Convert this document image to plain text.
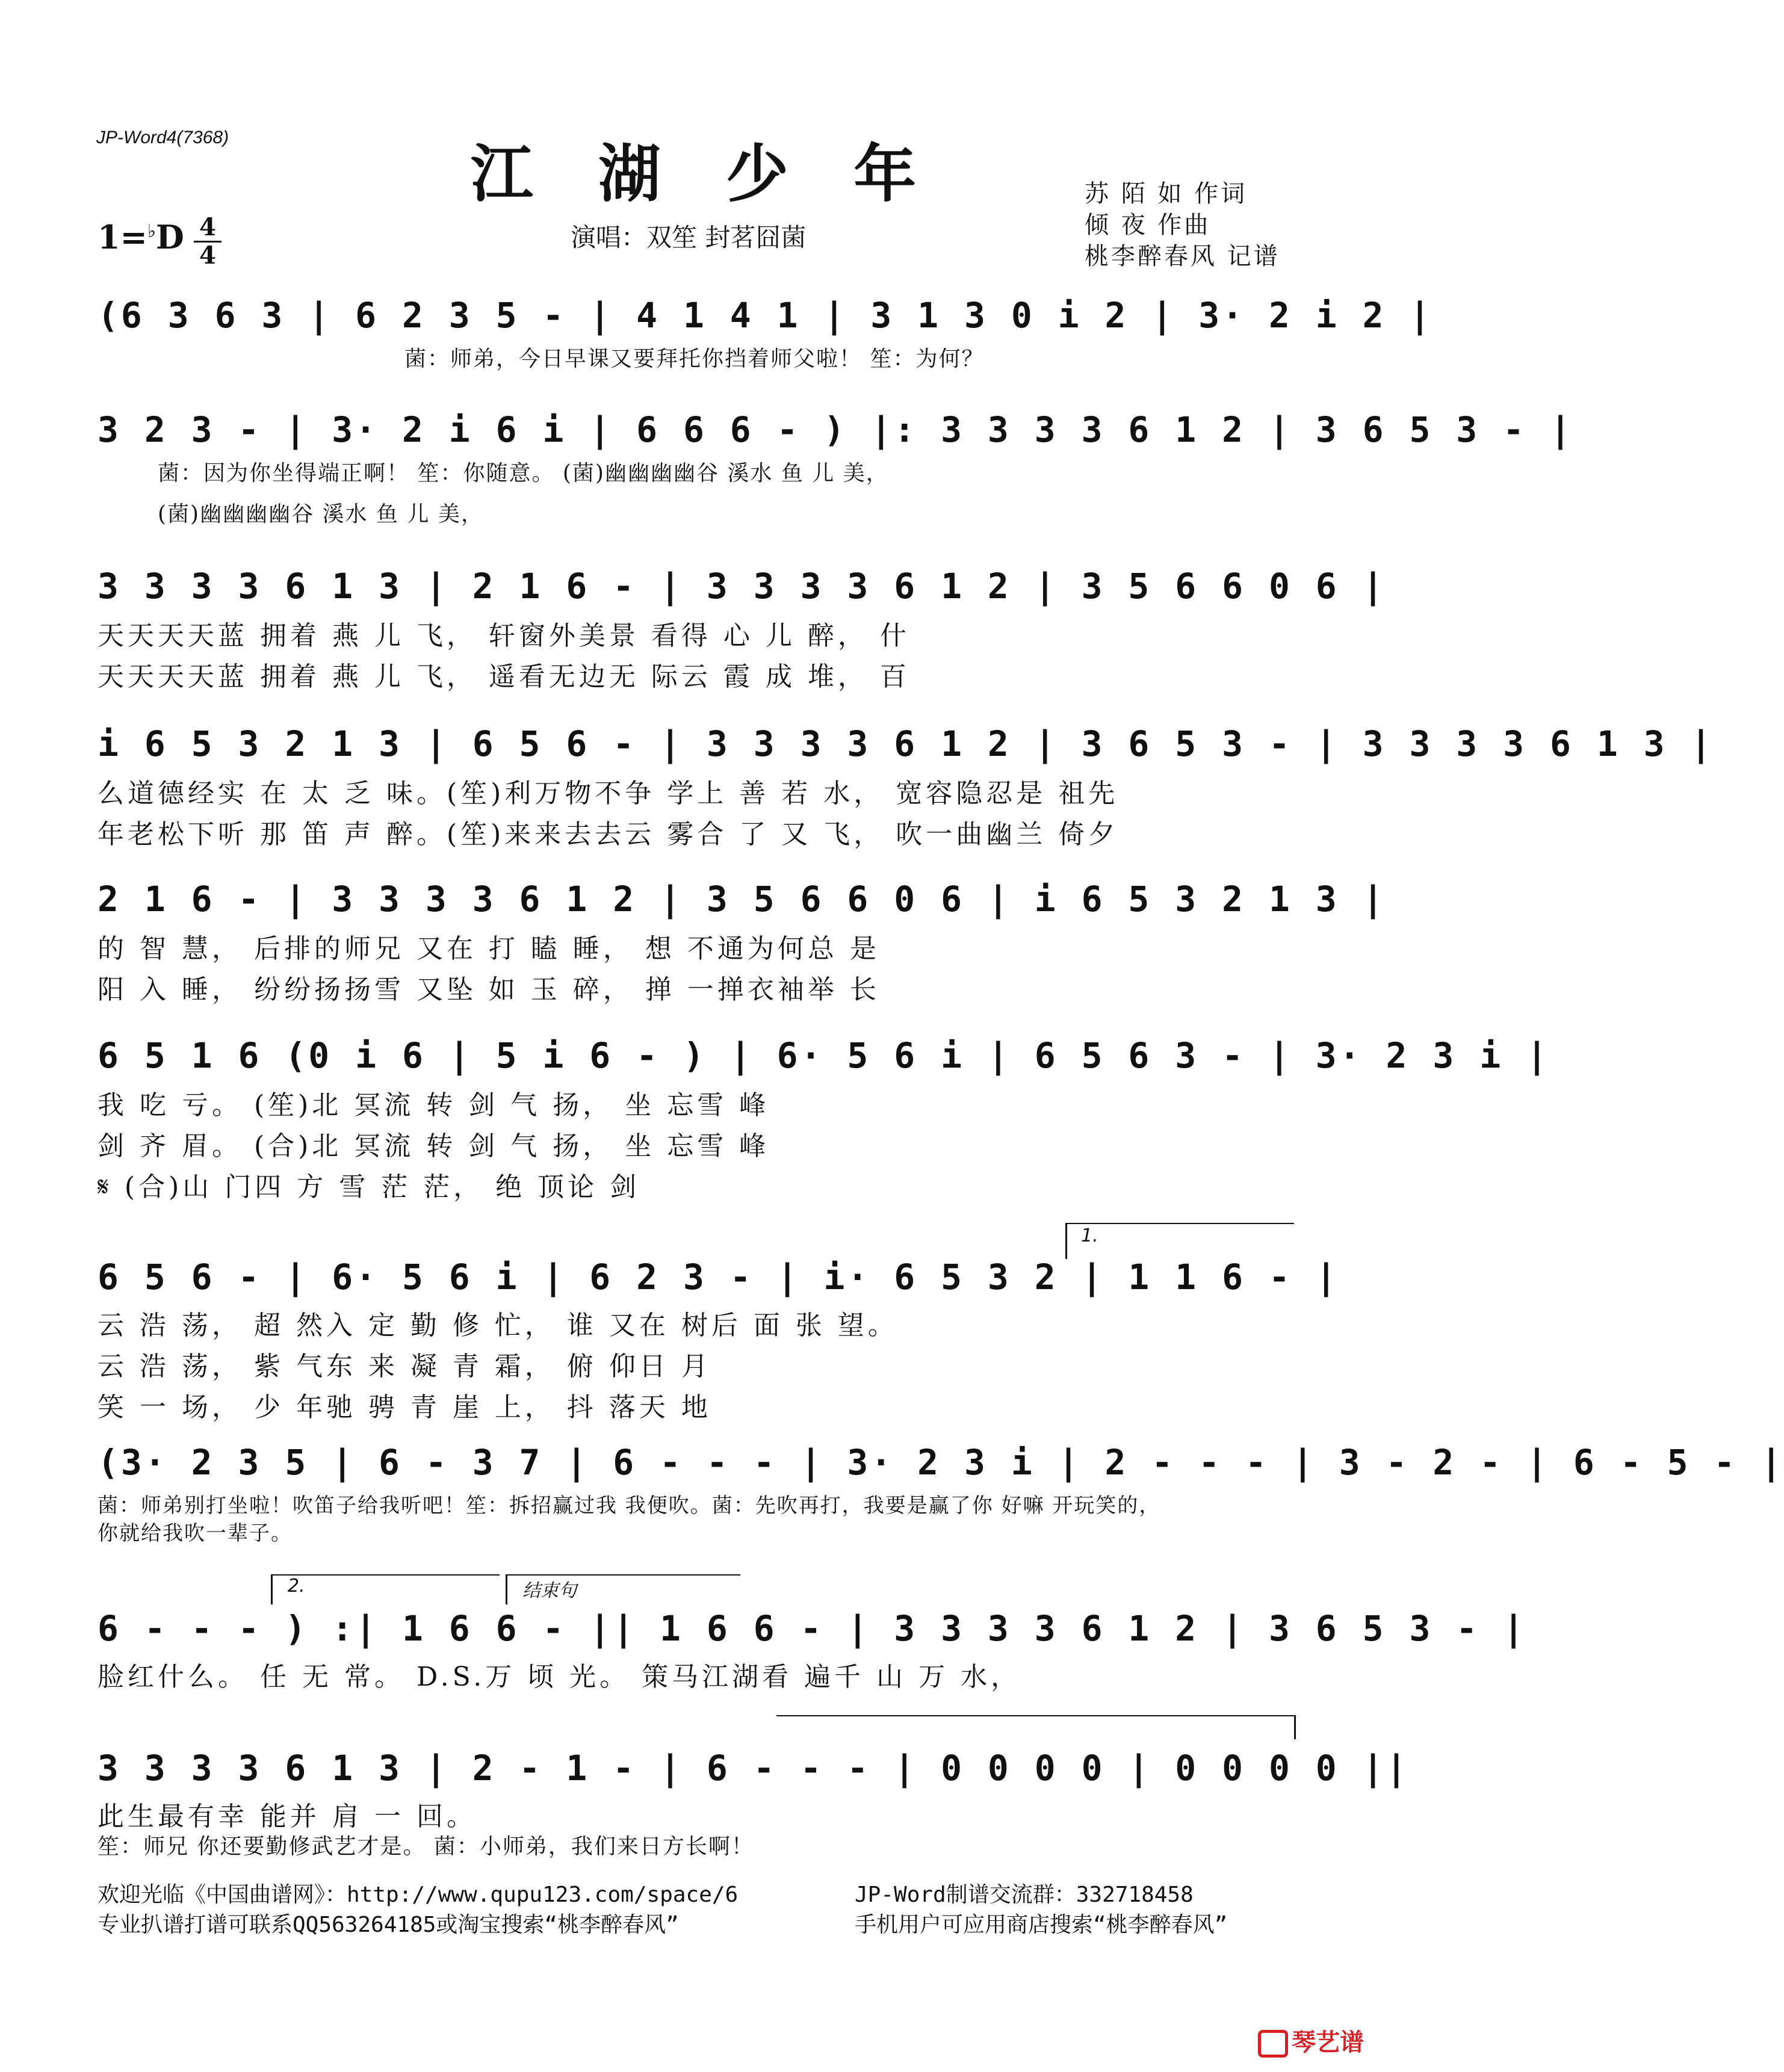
JP-Word4(7368)	江 湖 少 年
1=♭D 4
4
演唱：双笙 封茗囧菌
苏 陌 如 作词
倾 夜 作曲
桃李醉春风 记谱
(6 3 6 3 | 6 2 3 5 - | 4 1 4 1 | 3 1 3 0 i 2 | 3· 2 i 2 |
菌：师弟，今日早课又要拜托你挡着师父啦！ 笙：为何？
3 2 3 - | 3· 2 i 6 i | 6 6 6 - ) |: 3 3 3 3 6 1 2 | 3 6 5 3 - |
菌：因为你坐得端正啊！ 笙：你随意。 (菌)幽幽幽幽谷 溪水 鱼 儿 美，
(菌)幽幽幽幽谷 溪水 鱼 儿 美，
3 3 3 3 6 1 3 | 2 1 6 - | 3 3 3 3 6 1 2 | 3 5 6 6 0 6 |
天天天天蓝 拥着 燕 儿 飞， 轩窗外美景 看得 心 儿 醉， 什
天天天天蓝 拥着 燕 儿 飞， 遥看无边无 际云 霞 成 堆， 百
i 6 5 3 2 1 3 | 6 5 6 - | 3 3 3 3 6 1 2 | 3 6 5 3 - | 3 3 3 3 6 1 3 |
么道德经实 在 太 乏 味。(笙)利万物不争 学上 善 若 水， 宽容隐忍是 祖先
年老松下听 那 笛 声 醉。(笙)来来去去云 雾合 了 又 飞， 吹一曲幽兰 倚夕
2 1 6 - | 3 3 3 3 6 1 2 | 3 5 6 6 0 6 | i 6 5 3 2 1 3 |
的 智 慧， 后排的师兄 又在 打 瞌 睡， 想 不通为何总 是
阳 入 睡， 纷纷扬扬雪 又坠 如 玉 碎， 掸 一掸衣袖举 长
6 5 1 6 (0 i 6 | 5 i 6 - ) | 6· 5 6 i | 6 5 6 3 - | 3· 2 3 i |
我 吃 亏。 (笙)北 冥流 转 剑 气 扬， 坐 忘雪 峰
剑 齐 眉。 (合)北 冥流 转 剑 气 扬， 坐 忘雪 峰
𝄋 (合)山 门四 方 雪 茫 茫， 绝 顶论 剑
1.
6 5 6 - | 6· 5 6 i | 6 2 3 - | i· 6 5 3 2 | 1 1 6 - |
云 浩 荡， 超 然入 定 勤 修 忙， 谁 又在 树后 面 张 望。
云 浩 荡， 紫 气东 来 凝 青 霜， 俯 仰日 月
笑 一 场， 少 年驰 骋 青 崖 上， 抖 落天 地
(3· 2 3 5 | 6 - 3 7 | 6 - - - | 3· 2 3 i | 2 - - - | 3 - 2 - | 6 - 5 - |
菌：师弟别打坐啦！吹笛子给我听吧！笙：拆招赢过我 我便吹。菌：先吹再打，我要是赢了你 好嘛 开玩笑的，
你就给我吹一辈子。
2.	结束句
6 - - - ) :| 1 6 6 - || 1 6 6 - | 3 3 3 3 6 1 2 | 3 6 5 3 - |
脸红什么。 任 无 常。 D.S.万 顷 光。 策马江湖看 遍千 山 万 水，
3 3 3 3 6 1 3 | 2 - 1 - | 6 - - - | 0 0 0 0 | 0 0 0 0 ||
此生最有幸 能并 肩 一 回。
笙：师兄 你还要勤修武艺才是。 菌：小师弟，我们来日方长啊！
欢迎光临《中国曲谱网》：http://www.qupu123.com/space/6
专业扒谱打谱可联系QQ563264185或淘宝搜索“桃李醉春风”
JP-Word制谱交流群：332718458
手机用户可应用商店搜索“桃李醉春风”
琴艺谱
